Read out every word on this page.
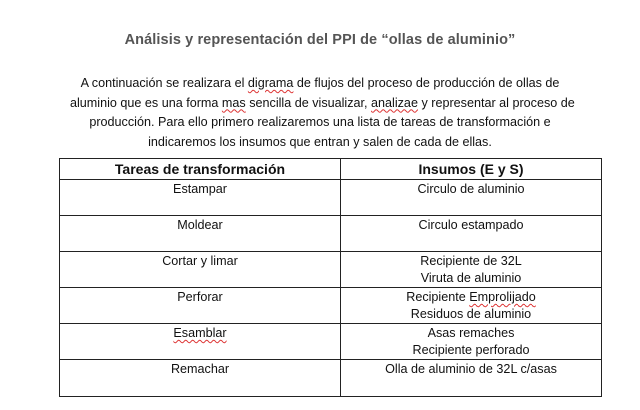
Análisis y representación del PPI de “ollas de aluminio”
A continuación se realizara el digrama de flujos del proceso de producción de ollas de
aluminio que es una forma mas sencilla de visualizar, analizae y representar al proceso de
producción. Para ello primero realizaremos una lista de tareas de transformación e
indicaremos los insumos que entran y salen de cada de ellas.
Tareas de transformación	Insumos (E y S)

Estampar	Circulo de aluminio

Moldear	Circulo estampado

Cortar y limar	Recipiente de 32L
Viruta de aluminio

Perforar	Recipiente Emprolijado
Residuos de aluminio

Esamblar	Asas remaches
Recipiente perforado

Remachar	Olla de aluminio de 32L c/asas
